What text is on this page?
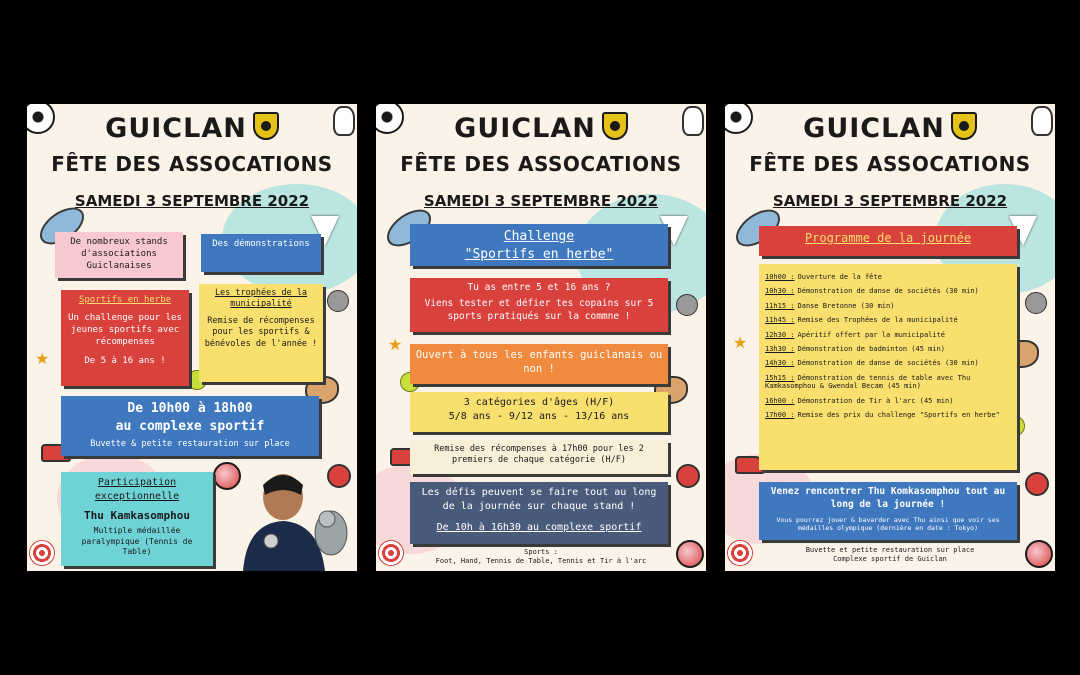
★
GUICLAN
FÊTE DES ASSOCATIONS
SAMEDI 3 SEPTEMBRE 2022
De nombreux stands d'associations Guiclanaises
Des démonstrations
Sportifs en herbe
Un challenge pour les jeunes sportifs avec récompenses
De 5 à 16 ans !
Les trophées de la municipalité
Remise de récompenses pour les sportifs & bénévoles de l'année !
De 10h00 à 18h00
au complexe sportif
Buvette & petite restauration sur place
Participation exceptionnelle
Thu Kamkasomphou
Multiple médaillée paralympique (Tennis de Table)
★
GUICLAN
FÊTE DES ASSOCATIONS
SAMEDI 3 SEPTEMBRE 2022
Challenge
"Sportifs en herbe"
Tu as entre 5 et 16 ans ?
Viens tester et défier tes copains sur 5 sports pratiqués sur la commne !
Ouvert à tous les enfants guiclanais ou non !
3 catégories d'âges (H/F)
5/8 ans - 9/12 ans - 13/16 ans
Remise des récompenses à 17h00 pour les 2 premiers de chaque catégorie (H/F)
Les défis peuvent se faire tout au long de la journée sur chaque stand !
De 10h à 16h30 au complexe sportif
Sports :
Foot, Hand, Tennis de Table, Tennis et Tir à l'arc
★
GUICLAN
FÊTE DES ASSOCATIONS
SAMEDI 3 SEPTEMBRE 2022
Programme de la journée
10h00 : Ouverture de la fête
10h30 : Démonstration de danse de sociétés (30 min)
11h15 : Danse Bretonne (30 min)
11h45 : Remise des Trophées de la municipalité
12h30 : Apéritif offert par la municipalité
13h30 : Démonstration de badminton (45 min)
14h30 : Démonstration de danse de sociétés (30 min)
15h15 : Démonstration de tennis de table avec Thu Kamkasomphou & Gwendal Becam (45 min)
16h00 : Démonstration de Tir à l'arc (45 min)
17h00 : Remise des prix du challenge "Sportifs en herbe"
Venez rencontrer Thu Komkasomphou tout au long de la journée !
Vous pourrez jouer & bavarder avec Thu ainsi que voir ses médailles olympique (dernière en date : Tokyo)
Buvette et petite restauration sur place
Complexe sportif de Guiclan
